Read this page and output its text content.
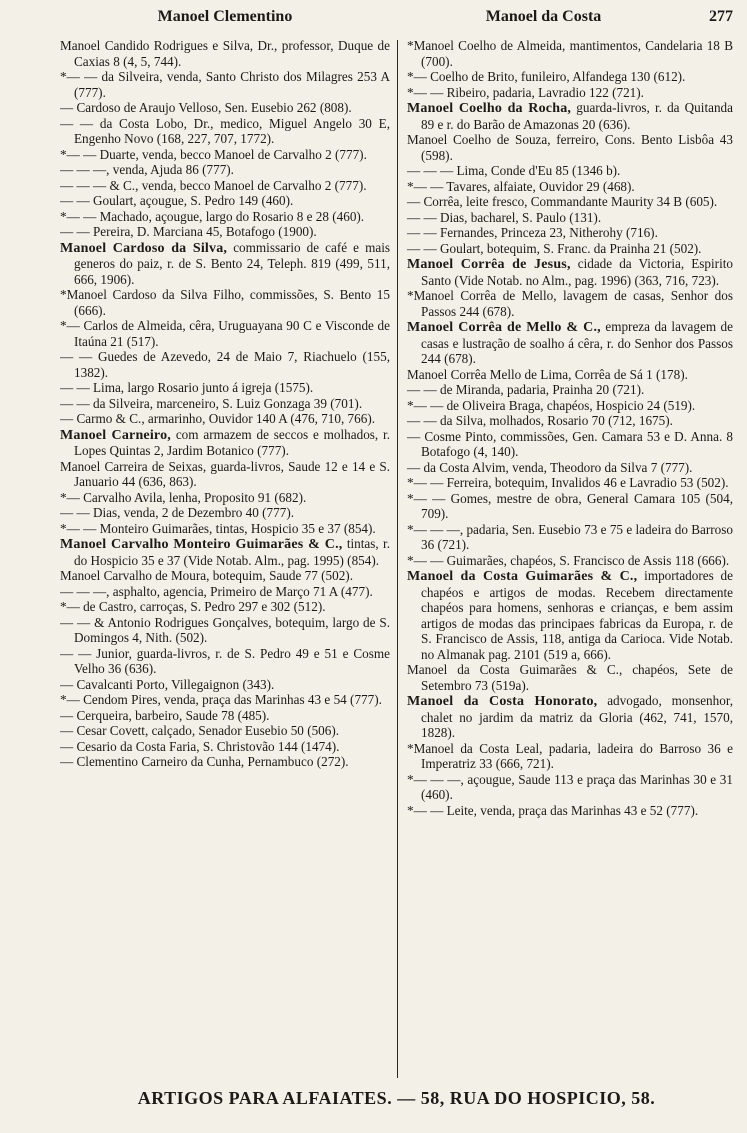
Manoel Clementino	Manoel da Costa	277

Manoel Candido Rodrigues e Silva, Dr., professor, Duque de Caxias 8 (4, 5, 744).

*— — da Silveira, venda, Santo Christo dos Milagres 253 A (777).

— Cardoso de Araujo Velloso, Sen. Eusebio 262 (808).

— — da Costa Lobo, Dr., medico, Miguel Angelo 30 E, Engenho Novo (168, 227, 707, 1772).

*— — Duarte, venda, becco Manoel de Carvalho 2 (777).

— — —, venda, Ajuda 86 (777).

— — — & C., venda, becco Manoel de Carvalho 2 (777).

— — Goulart, açougue, S. Pedro 149 (460).

*— — Machado, açougue, largo do Rosario 8 e 28 (460).

— — Pereira, D. Marciana 45, Botafogo (1900).

Manoel Cardoso da Silva, commissario de café e mais generos do paiz, r. de S. Bento 24, Teleph. 819 (499, 511, 666, 1906).

*Manoel Cardoso da Silva Filho, commissões, S. Bento 15 (666).

*— Carlos de Almeida, cêra, Uruguayana 90 C e Visconde de Itaúna 21 (517).

— — Guedes de Azevedo, 24 de Maio 7, Riachuelo (155, 1382).

— — Lima, largo Rosario junto á igreja (1575).

— — da Silveira, marceneiro, S. Luiz Gonzaga 39 (701).

— Carmo & C., armarinho, Ouvidor 140 A (476, 710, 766).

Manoel Carneiro, com armazem de seccos e molhados, r. Lopes Quintas 2, Jardim Botanico (777).

Manoel Carreira de Seixas, guarda-livros, Saude 12 e 14 e S. Januario 44 (636, 863).

*— Carvalho Avila, lenha, Proposito 91 (682).

— — Dias, venda, 2 de Dezembro 40 (777).

*— — Monteiro Guimarães, tintas, Hospicio 35 e 37 (854).

Manoel Carvalho Monteiro Guimarães & C., tintas, r. do Hospicio 35 e 37 (Vide Notab. Alm., pag. 1995) (854).

Manoel Carvalho de Moura, botequim, Saude 77 (502).

— — —, asphalto, agencia, Primeiro de Março 71 A (477).

*— de Castro, carroças, S. Pedro 297 e 302 (512).

— — & Antonio Rodrigues Gonçalves, botequim, largo de S. Domingos 4, Nith. (502).

— — Junior, guarda-livros, r. de S. Pedro 49 e 51 e Cosme Velho 36 (636).

— Cavalcanti Porto, Villegaignon (343).

*— Cendom Pires, venda, praça das Marinhas 43 e 54 (777).

— Cerqueira, barbeiro, Saude 78 (485).

— Cesar Covett, calçado, Senador Eusebio 50 (506).

— Cesario da Costa Faria, S. Christovão 144 (1474).

— Clementino Carneiro da Cunha, Pernambuco (272).

*Manoel Coelho de Almeida, mantimentos, Candelaria 18 B (700).

*— Coelho de Brito, funileiro, Alfandega 130 (612).

*— — Ribeiro, padaria, Lavradio 122 (721).

Manoel Coelho da Rocha, guarda-livros, r. da Quitanda 89 e r. do Barão de Amazonas 20 (636).

Manoel Coelho de Souza, ferreiro, Cons. Bento Lisbôa 43 (598).

— — — Lima, Conde d'Eu 85 (1346 b).

*— — Tavares, alfaiate, Ouvidor 29 (468).

— Corrêa, leite fresco, Commandante Maurity 34 B (605).

— — Dias, bacharel, S. Paulo (131).

— — Fernandes, Princeza 23, Nitherohy (716).

— — Goulart, botequim, S. Franc. da Prainha 21 (502).

Manoel Corrêa de Jesus, cidade da Victoria, Espirito Santo (Vide Notab. no Alm., pag. 1996) (363, 716, 723).

*Manoel Corrêa de Mello, lavagem de casas, Senhor dos Passos 244 (678).

Manoel Corrêa de Mello & C., empreza da lavagem de casas e lustração de soalho á cêra, r. do Senhor dos Passos 244 (678).

Manoel Corrêa Mello de Lima, Corrêa de Sá 1 (178).

— — de Miranda, padaria, Prainha 20 (721).

*— — de Oliveira Braga, chapéos, Hospicio 24 (519).

— — da Silva, molhados, Rosario 70 (712, 1675).

— Cosme Pinto, commissões, Gen. Camara 53 e D. Anna. 8 Botafogo (4, 140).

— da Costa Alvim, venda, Theodoro da Silva 7 (777).

*— — Ferreira, botequim, Invalidos 46 e Lavradio 53 (502).

*— — Gomes, mestre de obra, General Camara 105 (504, 709).

*— — —, padaria, Sen. Eusebio 73 e 75 e ladeira do Barroso 36 (721).

*— — Guimarães, chapéos, S. Francisco de Assis 118 (666).

Manoel da Costa Guimarães & C., importadores de chapéos e artigos de modas. Recebem directamente chapéos para homens, senhoras e crianças, e bem assim artigos de modas das principaes fabricas da Europa, r. de S. Francisco de Assis, 118, antiga da Carioca. Vide Notab. no Almanak pag. 2101 (519 a, 666).

Manoel da Costa Guimarães & C., chapéos, Sete de Setembro 73 (519a).

Manoel da Costa Honorato, advogado, monsenhor, chalet no jardim da matriz da Gloria (462, 741, 1570, 1828).

*Manoel da Costa Leal, padaria, ladeira do Barroso 36 e Imperatriz 33 (666, 721).

*— — —, açougue, Saude 113 e praça das Marinhas 30 e 31 (460).

*— — Leite, venda, praça das Marinhas 43 e 52 (777).

ARTIGOS PARA ALFAIATES. — 58, RUA DO HOSPICIO, 58.
